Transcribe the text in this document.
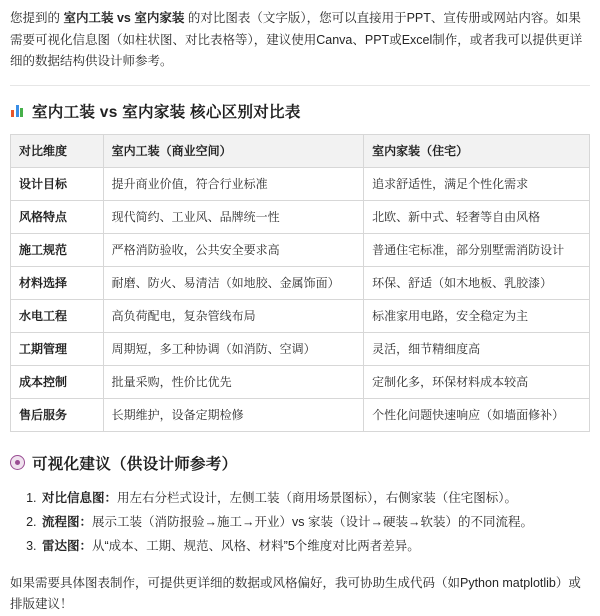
您提到的 室内工装 vs 室内家装 的对比图表（文字版），您可以直接用于PPT、宣传册或网站内容。如果需要可视化信息图（如柱状图、对比表格等），建议使用Canva、PPT或Excel制作，或者我可以提供更详细的数据结构供设计师参考。

室内工装 vs 室内家装 核心区别对比表
对比维度	室内工装（商业空间）	室内家装（住宅）
设计目标	提升商业价值，符合行业标准	追求舒适性，满足个性化需求
风格特点	现代简约、工业风、品牌统一性	北欧、新中式、轻奢等自由风格
施工规范	严格消防验收，公共安全要求高	普通住宅标准，部分别墅需消防设计
材料选择	耐磨、防火、易清洁（如地胶、金属饰面）	环保、舒适（如木地板、乳胶漆）
水电工程	高负荷配电，复杂管线布局	标准家用电路，安全稳定为主
工期管理	周期短，多工种协调（如消防、空调）	灵活，细节精细度高
成本控制	批量采购，性价比优先	定制化多，环保材料成本较高
售后服务	长期维护，设备定期检修	个性化问题快速响应（如墙面修补）
可视化建议（供设计师参考）
1. 对比信息图：用左右分栏式设计，左侧工装（商用场景图标），右侧家装（住宅图标）。
2. 流程图：展示工装（消防报验→施工→开业）vs 家装（设计→硬装→软装）的不同流程。
3. 雷达图：从“成本、工期、规范、风格、材料”5个维度对比两者差异。

如果需要具体图表制作，可提供更详细的数据或风格偏好，我可协助生成代码（如Python matplotlib）或排版建议！
